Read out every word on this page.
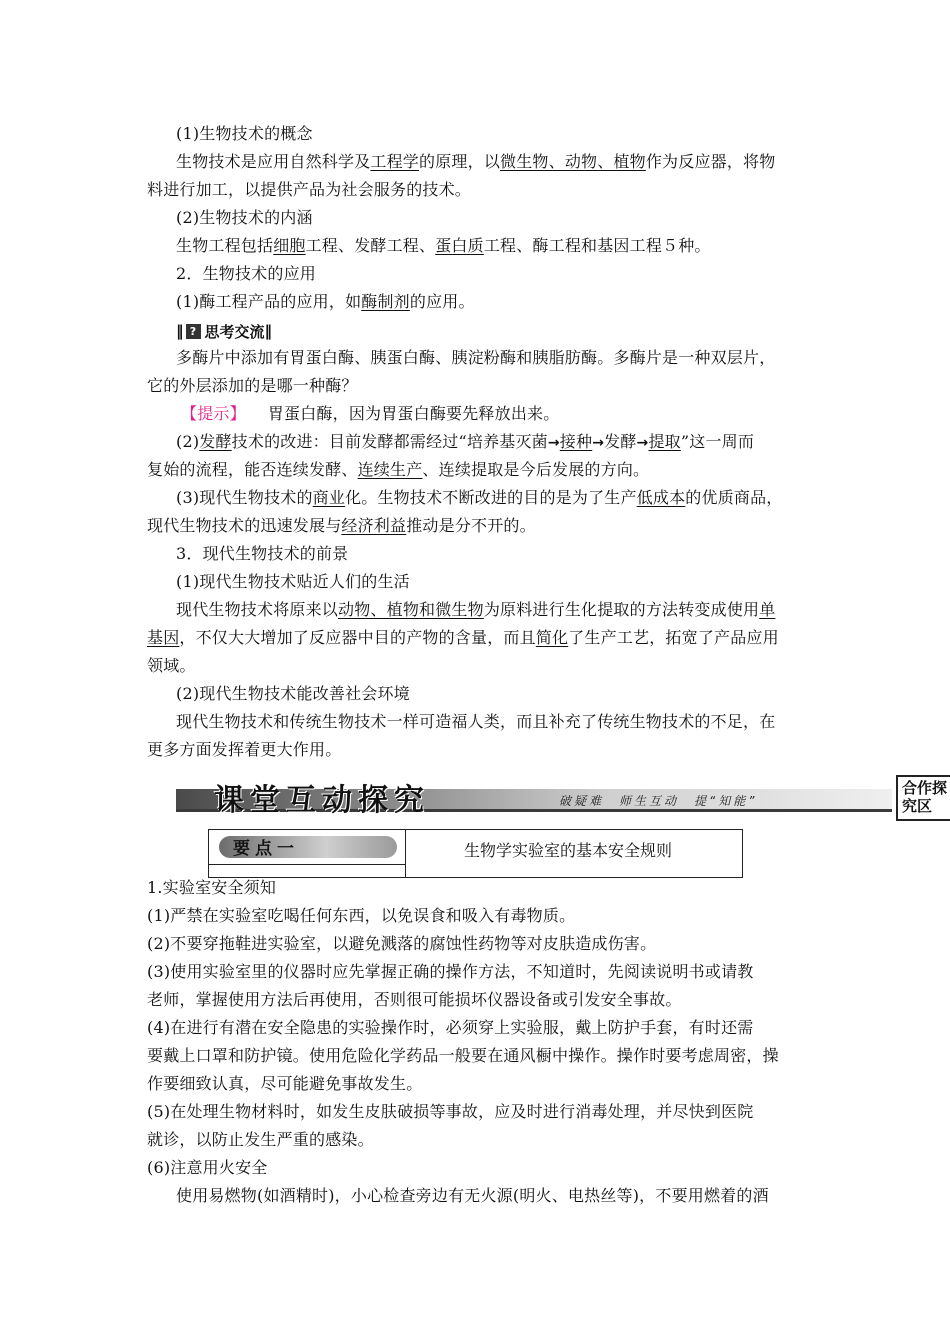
(1)生物技术的概念
生物技术是应用自然科学及工程学的原理，以微生物、动物、植物作为反应器，将物
料进行加工，以提供产品为社会服务的技术。
(2)生物技术的内涵
生物工程包括细胞工程、发酵工程、蛋白质工程、酶工程和基因工程５种。
2．生物技术的应用
(1)酶工程产品的应用，如酶制剂的应用。
‖ ? 思考交流 ‖
多酶片中添加有胃蛋白酶、胰蛋白酶、胰淀粉酶和胰脂肪酶。多酶片是一种双层片，
它的外层添加的是哪一种酶？
【提示】 胃蛋白酶，因为胃蛋白酶要先释放出来。
(2)发酵技术的改进：目前发酵都需经过“培养基灭菌→接种→发酵→提取”这一周而
复始的流程，能否连续发酵、连续生产、连续提取是今后发展的方向。
(3)现代生物技术的商业化。生物技术不断改进的目的是为了生产低成本的优质商品，
现代生物技术的迅速发展与经济利益推动是分不开的。
3．现代生物技术的前景
(1)现代生物技术贴近人们的生活
现代生物技术将原来以动物、植物和微生物为原料进行生化提取的方法转变成使用单
基因，不仅大大增加了反应器中目的产物的含量，而且简化了生产工艺，拓宽了产品应用
领域。
(2)现代生物技术能改善社会环境
现代生物技术和传统生物技术一样可造福人类，而且补充了传统生物技术的不足，在
更多方面发挥着更大作用。
课堂互动探究	破疑难　师生互动　提“知能”
合作探
究区
要点一	生物学实验室的基本安全规则
1.实验室安全须知
(1)严禁在实验室吃喝任何东西，以免误食和吸入有毒物质。
(2)不要穿拖鞋进实验室，以避免溅落的腐蚀性药物等对皮肤造成伤害。
(3)使用实验室里的仪器时应先掌握正确的操作方法，不知道时，先阅读说明书或请教
老师，掌握使用方法后再使用，否则很可能损坏仪器设备或引发安全事故。
(4)在进行有潜在安全隐患的实验操作时，必须穿上实验服，戴上防护手套，有时还需
要戴上口罩和防护镜。使用危险化学药品一般要在通风橱中操作。操作时要考虑周密，操
作要细致认真，尽可能避免事故发生。
(5)在处理生物材料时，如发生皮肤破损等事故，应及时进行消毒处理，并尽快到医院
就诊，以防止发生严重的感染。
(6)注意用火安全
使用易燃物(如酒精时)，小心检查旁边有无火源(明火、电热丝等)，不要用燃着的酒
